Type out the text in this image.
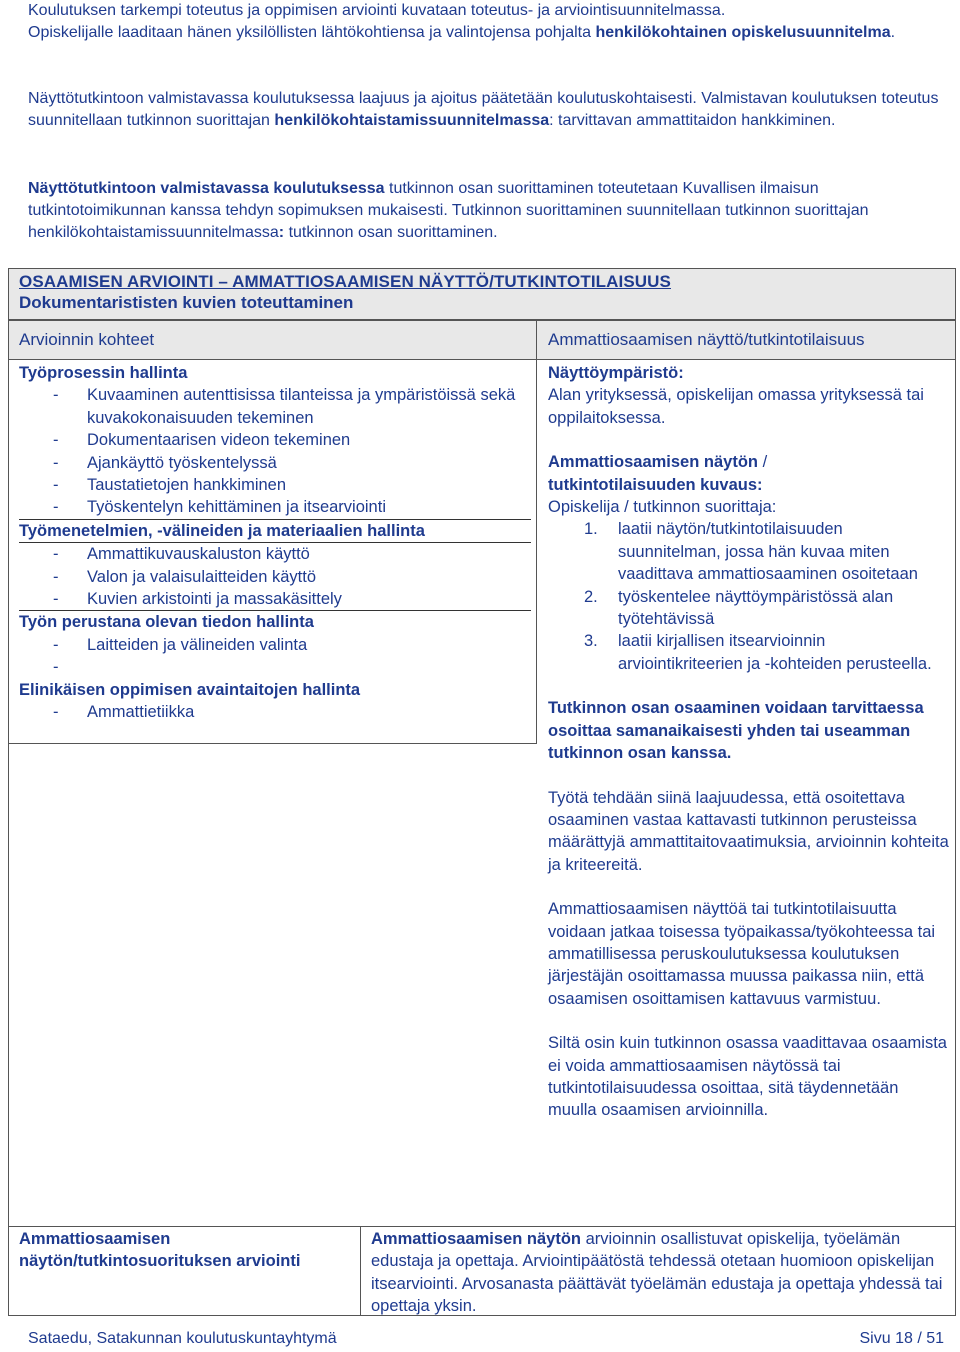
Koulutuksen tarkempi toteutus ja oppimisen arviointi kuvataan toteutus- ja arviointisuunnitelmassa.
Opiskelijalle laaditaan hänen yksilöllisten lähtökohtiensa ja valintojensa pohjalta henkilökohtainen opiskelusuunnitelma.

Näyttötutkintoon valmistavassa koulutuksessa laajuus ja ajoitus päätetään koulutuskohtaisesti. Valmistavan koulutuksen toteutus suunnitellaan tutkinnon suorittajan henkilökohtaistamissuunnitelmassa: tarvittavan ammattitaidon hankkiminen.

Näyttötutkintoon valmistavassa koulutuksessa tutkinnon osan suorittaminen toteutetaan Kuvallisen ilmaisun tutkintotoimikunnan kanssa tehdyn sopimuksen mukaisesti. Tutkinnon suorittaminen suunnitellaan tutkinnon suorittajan henkilökohtaistamissuunnitelmassa: tutkinnon osan suorittaminen.

OSAAMISEN ARVIOINTI – AMMATTIOSAAMISEN NÄYTTÖ/TUTKINTOTILAISUUS
Dokumentarististen kuvien toteuttaminen
Arvioinnin kohteet	Ammattiosaamisen näyttö/tutkintotilaisuus
Työprosessin hallinta
- Kuvaaminen autenttisissa tilanteissa ja ympäristöissä sekä kuvakokonaisuuden tekeminen
- Dokumentaarisen videon tekeminen
- Ajankäyttö työskentelyssä
- Taustatietojen hankkiminen
- Työskentelyn kehittäminen ja itsearviointi
Työmenetelmien, -välineiden ja materiaalien hallinta
- Ammattikuvauskaluston käyttö
- Valon ja valaisulaitteiden käyttö
- Kuvien arkistointi ja massakäsittely
Työn perustana olevan tiedon hallinta
- Laitteiden ja välineiden valinta
-
Elinikäisen oppimisen avaintaitojen hallinta
- Ammattietiikka

Näyttöympäristö:

Alan yrityksessä, opiskelijan omassa yrityksessä tai oppilaitoksessa.

Ammattiosaamisen näytön /
tutkintotilaisuuden kuvaus:

Opiskelija / tutkinnon suorittaja:

1. laatii näytön/tutkintotilaisuuden suunnitelman, jossa hän kuvaa miten vaadittava ammattiosaaminen osoitetaan
2. työskentelee näyttöympäristössä alan työtehtävissä
3. laatii kirjallisen itsearvioinnin arviointikriteerien ja -kohteiden perusteella.

Tutkinnon osan osaaminen voidaan tarvittaessa osoittaa samanaikaisesti yhden tai useamman tutkinnon osan kanssa.

Työtä tehdään siinä laajuudessa, että osoitettava osaaminen vastaa kattavasti tutkinnon perusteissa määrättyjä ammattitaitovaatimuksia, arvioinnin kohteita ja kriteereitä.

Ammattiosaamisen näyttöä tai tutkintotilaisuutta voidaan jatkaa toisessa työpaikassa/työkohteessa tai ammatillisessa peruskoulutuksessa koulutuksen järjestäjän osoittamassa muussa paikassa niin, että osaamisen osoittamisen kattavuus varmistuu.

Siltä osin kuin tutkinnon osassa vaadittavaa osaamista ei voida ammattiosaamisen näytössä tai tutkintotilaisuudessa osoittaa, sitä täydennetään muulla osaamisen arvioinnilla.

Ammattiosaamisen näytön/tutkintosuorituksen arviointi
Ammattiosaamisen näytön arvioinnin osallistuvat opiskelija, työelämän edustaja ja opettaja. Arviointipäätöstä tehdessä otetaan huomioon opiskelijan itsearviointi. Arvosanasta päättävät työelämän edustaja ja opettaja yhdessä tai opettaja yksin.
Sataedu, Satakunnan koulutuskuntayhtymä	Sivu 18 / 51
